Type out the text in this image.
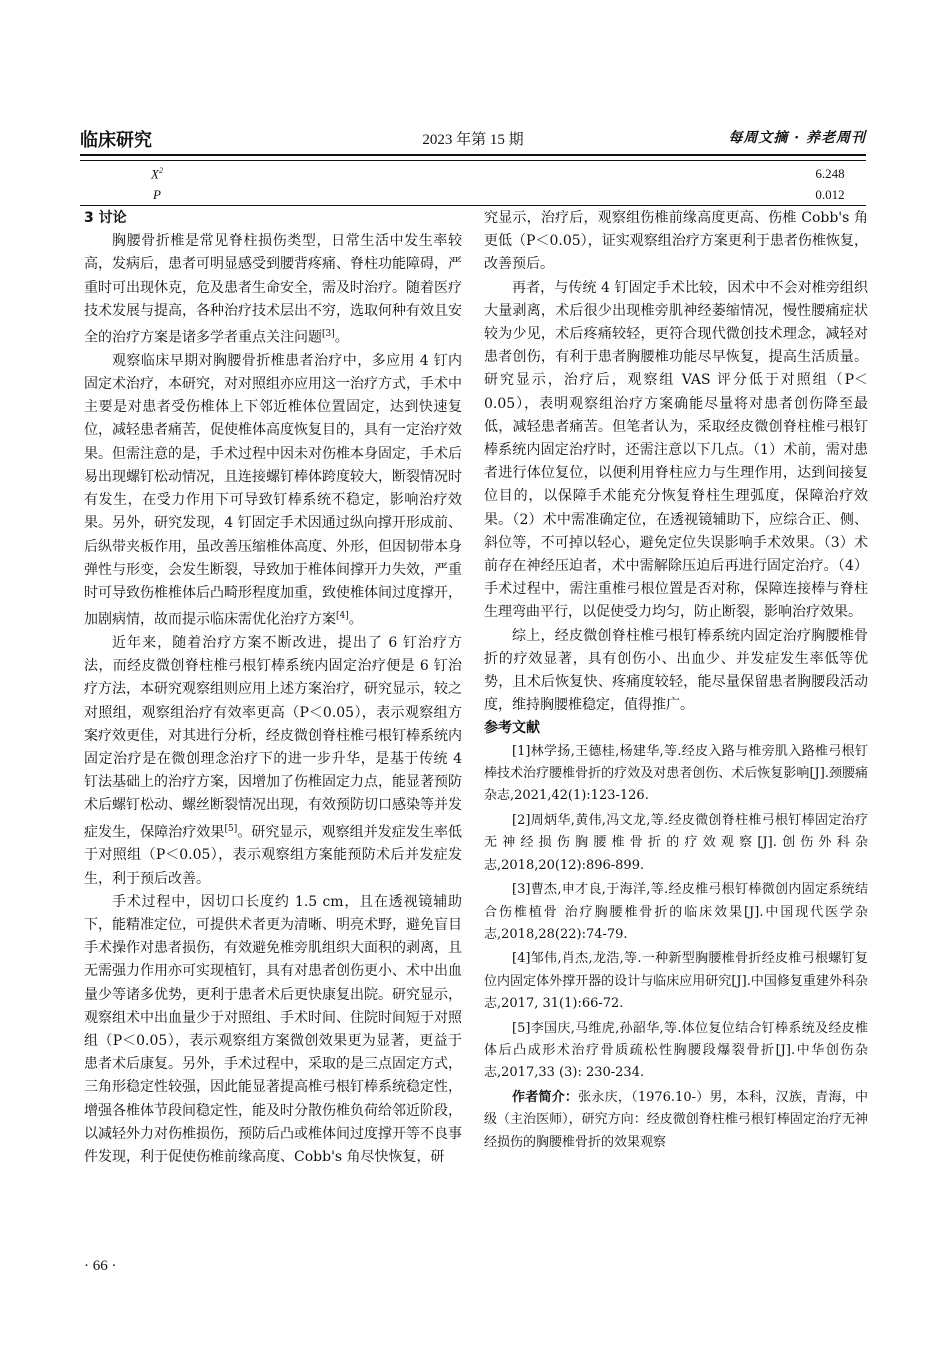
临床研究	2023 年第 15 期	每周文摘 · 养老周刊
$X^2$	6.248
P	0.012

3 讨论

胸腰骨折椎是常见脊柱损伤类型，日常生活中发生率较高，发病后，患者可明显感受到腰背疼痛、脊柱功能障碍，严重时可出现休克，危及患者生命安全，需及时治疗。随着医疗技术发展与提高，各种治疗技术层出不穷，选取何种有效且安全的治疗方案是诸多学者重点关注问题[3]。

观察临床早期对胸腰骨折椎患者治疗中，多应用 4 钉内固定术治疗，本研究，对对照组亦应用这一治疗方式，手术中主要是对患者受伤椎体上下邻近椎体位置固定，达到快速复位，减轻患者痛苦，促使椎体高度恢复目的，具有一定治疗效果。但需注意的是，手术过程中因未对伤椎本身固定，手术后易出现螺钉松动情况，且连接螺钉棒体跨度较大，断裂情况时有发生，在受力作用下可导致钉棒系统不稳定，影响治疗效果。另外，研究发现，4 钉固定手术因通过纵向撑开形成前、后纵带夹板作用，虽改善压缩椎体高度、外形，但因韧带本身弹性与形变，会发生断裂，导致加于椎体间撑开力失效，严重时可导致伤椎椎体后凸畸形程度加重，致使椎体间过度撑开，加剧病情，故而提示临床需优化治疗方案[4]。

近年来，随着治疗方案不断改进，提出了 6 钉治疗方法，而经皮微创脊柱椎弓根钉棒系统内固定治疗便是 6 钉治疗方法，本研究观察组则应用上述方案治疗，研究显示，较之对照组，观察组治疗有效率更高（P＜0.05），表示观察组方案疗效更佳，对其进行分析，经皮微创脊柱椎弓根钉棒系统内固定治疗是在微创理念治疗下的进一步升华，是基于传统 4 钉法基础上的治疗方案，因增加了伤椎固定力点，能显著预防术后螺钉松动、螺丝断裂情况出现，有效预防切口感染等并发症发生，保障治疗效果[5]。研究显示，观察组并发症发生率低于对照组（P＜0.05），表示观察组方案能预防术后并发症发生，利于预后改善。

手术过程中，因切口长度约 1.5 cm，且在透视镜辅助下，能精准定位，可提供术者更为清晰、明亮术野，避免盲目手术操作对患者损伤，有效避免椎旁肌组织大面积的剥离，且无需强力作用亦可实现植钉，具有对患者创伤更小、术中出血量少等诸多优势，更利于患者术后更快康复出院。研究显示，观察组术中出血量少于对照组、手术时间、住院时间短于对照组（P＜0.05），表示观察组方案微创效果更为显著，更益于患者术后康复。另外，手术过程中，采取的是三点固定方式，三角形稳定性较强，因此能显著提高椎弓根钉棒系统稳定性，增强各椎体节段间稳定性，能及时分散伤椎负荷给邻近阶段，以减轻外力对伤椎损伤，预防后凸或椎体间过度撑开等不良事件发现，利于促使伤椎前缘高度、Cobb's 角尽快恢复，研

究显示，治疗后，观察组伤椎前缘高度更高、伤椎 Cobb's 角更低（P＜0.05），证实观察组治疗方案更利于患者伤椎恢复，改善预后。

再者，与传统 4 钉固定手术比较，因术中不会对椎旁组织大量剥离，术后很少出现椎旁肌神经萎缩情况，慢性腰痛症状较为少见，术后疼痛较轻，更符合现代微创技术理念，减轻对患者创伤，有利于患者胸腰椎功能尽早恢复，提高生活质量。研究显示，治疗后，观察组 VAS 评分低于对照组（P＜0.05），表明观察组治疗方案确能尽量将对患者创伤降至最低，减轻患者痛苦。但笔者认为，采取经皮微创脊柱椎弓根钉棒系统内固定治疗时，还需注意以下几点。（1）术前，需对患者进行体位复位，以便利用脊柱应力与生理作用，达到间接复位目的，以保障手术能充分恢复脊柱生理弧度，保障治疗效果。（2）术中需准确定位，在透视镜辅助下，应综合正、侧、斜位等，不可掉以轻心，避免定位失误影响手术效果。（3）术前存在神经压迫者，术中需解除压迫后再进行固定治疗。（4）手术过程中，需注重椎弓根位置是否对称，保障连接棒与脊柱生理弯曲平行，以促使受力均匀，防止断裂，影响治疗效果。

综上，经皮微创脊柱椎弓根钉棒系统内固定治疗胸腰椎骨折的疗效显著，具有创伤小、出血少、并发症发生率低等优势，且术后恢复快、疼痛度较轻，能尽量保留患者胸腰段活动度，维持胸腰椎稳定，值得推广。

参考文献

[1]林学扬,王德桂,杨建华,等.经皮入路与椎旁肌入路椎弓根钉棒技术治疗腰椎骨折的疗效及对患者创伤、术后恢复影响[J].颈腰痛杂志,2021,42(1):123-126.

[2]周炳华,黄伟,冯文龙,等.经皮微创脊柱椎弓根钉棒固定治疗无神经损伤胸腰椎骨折的疗效观察[J].创伤外科杂志,2018,20(12):896-899.

[3]曹杰,申才良,于海洋,等.经皮椎弓根钉棒微创内固定系统结合伤椎植骨 治疗胸腰椎骨折的临床效果[J].中国现代医学杂志,2018,28(22):74-79.

[4]邹伟,肖杰,龙浩,等.一种新型胸腰椎骨折经皮椎弓根螺钉复位内固定体外撑开器的设计与临床应用研究[J].中国修复重建外科杂志,2017, 31(1):66-72.

[5]李国庆,马维虎,孙韶华,等.体位复位结合钉棒系统及经皮椎体后凸成形术治疗骨质疏松性胸腰段爆裂骨折[J].中华创伤杂志,2017,33 (3): 230-234.

作者简介：张永庆，（1976.10-）男，本科，汉族，青海，中级（主治医师），研究方向：经皮微创脊柱椎弓根钉棒固定治疗无神经损伤的胸腰椎骨折的效果观察

· 66 ·
